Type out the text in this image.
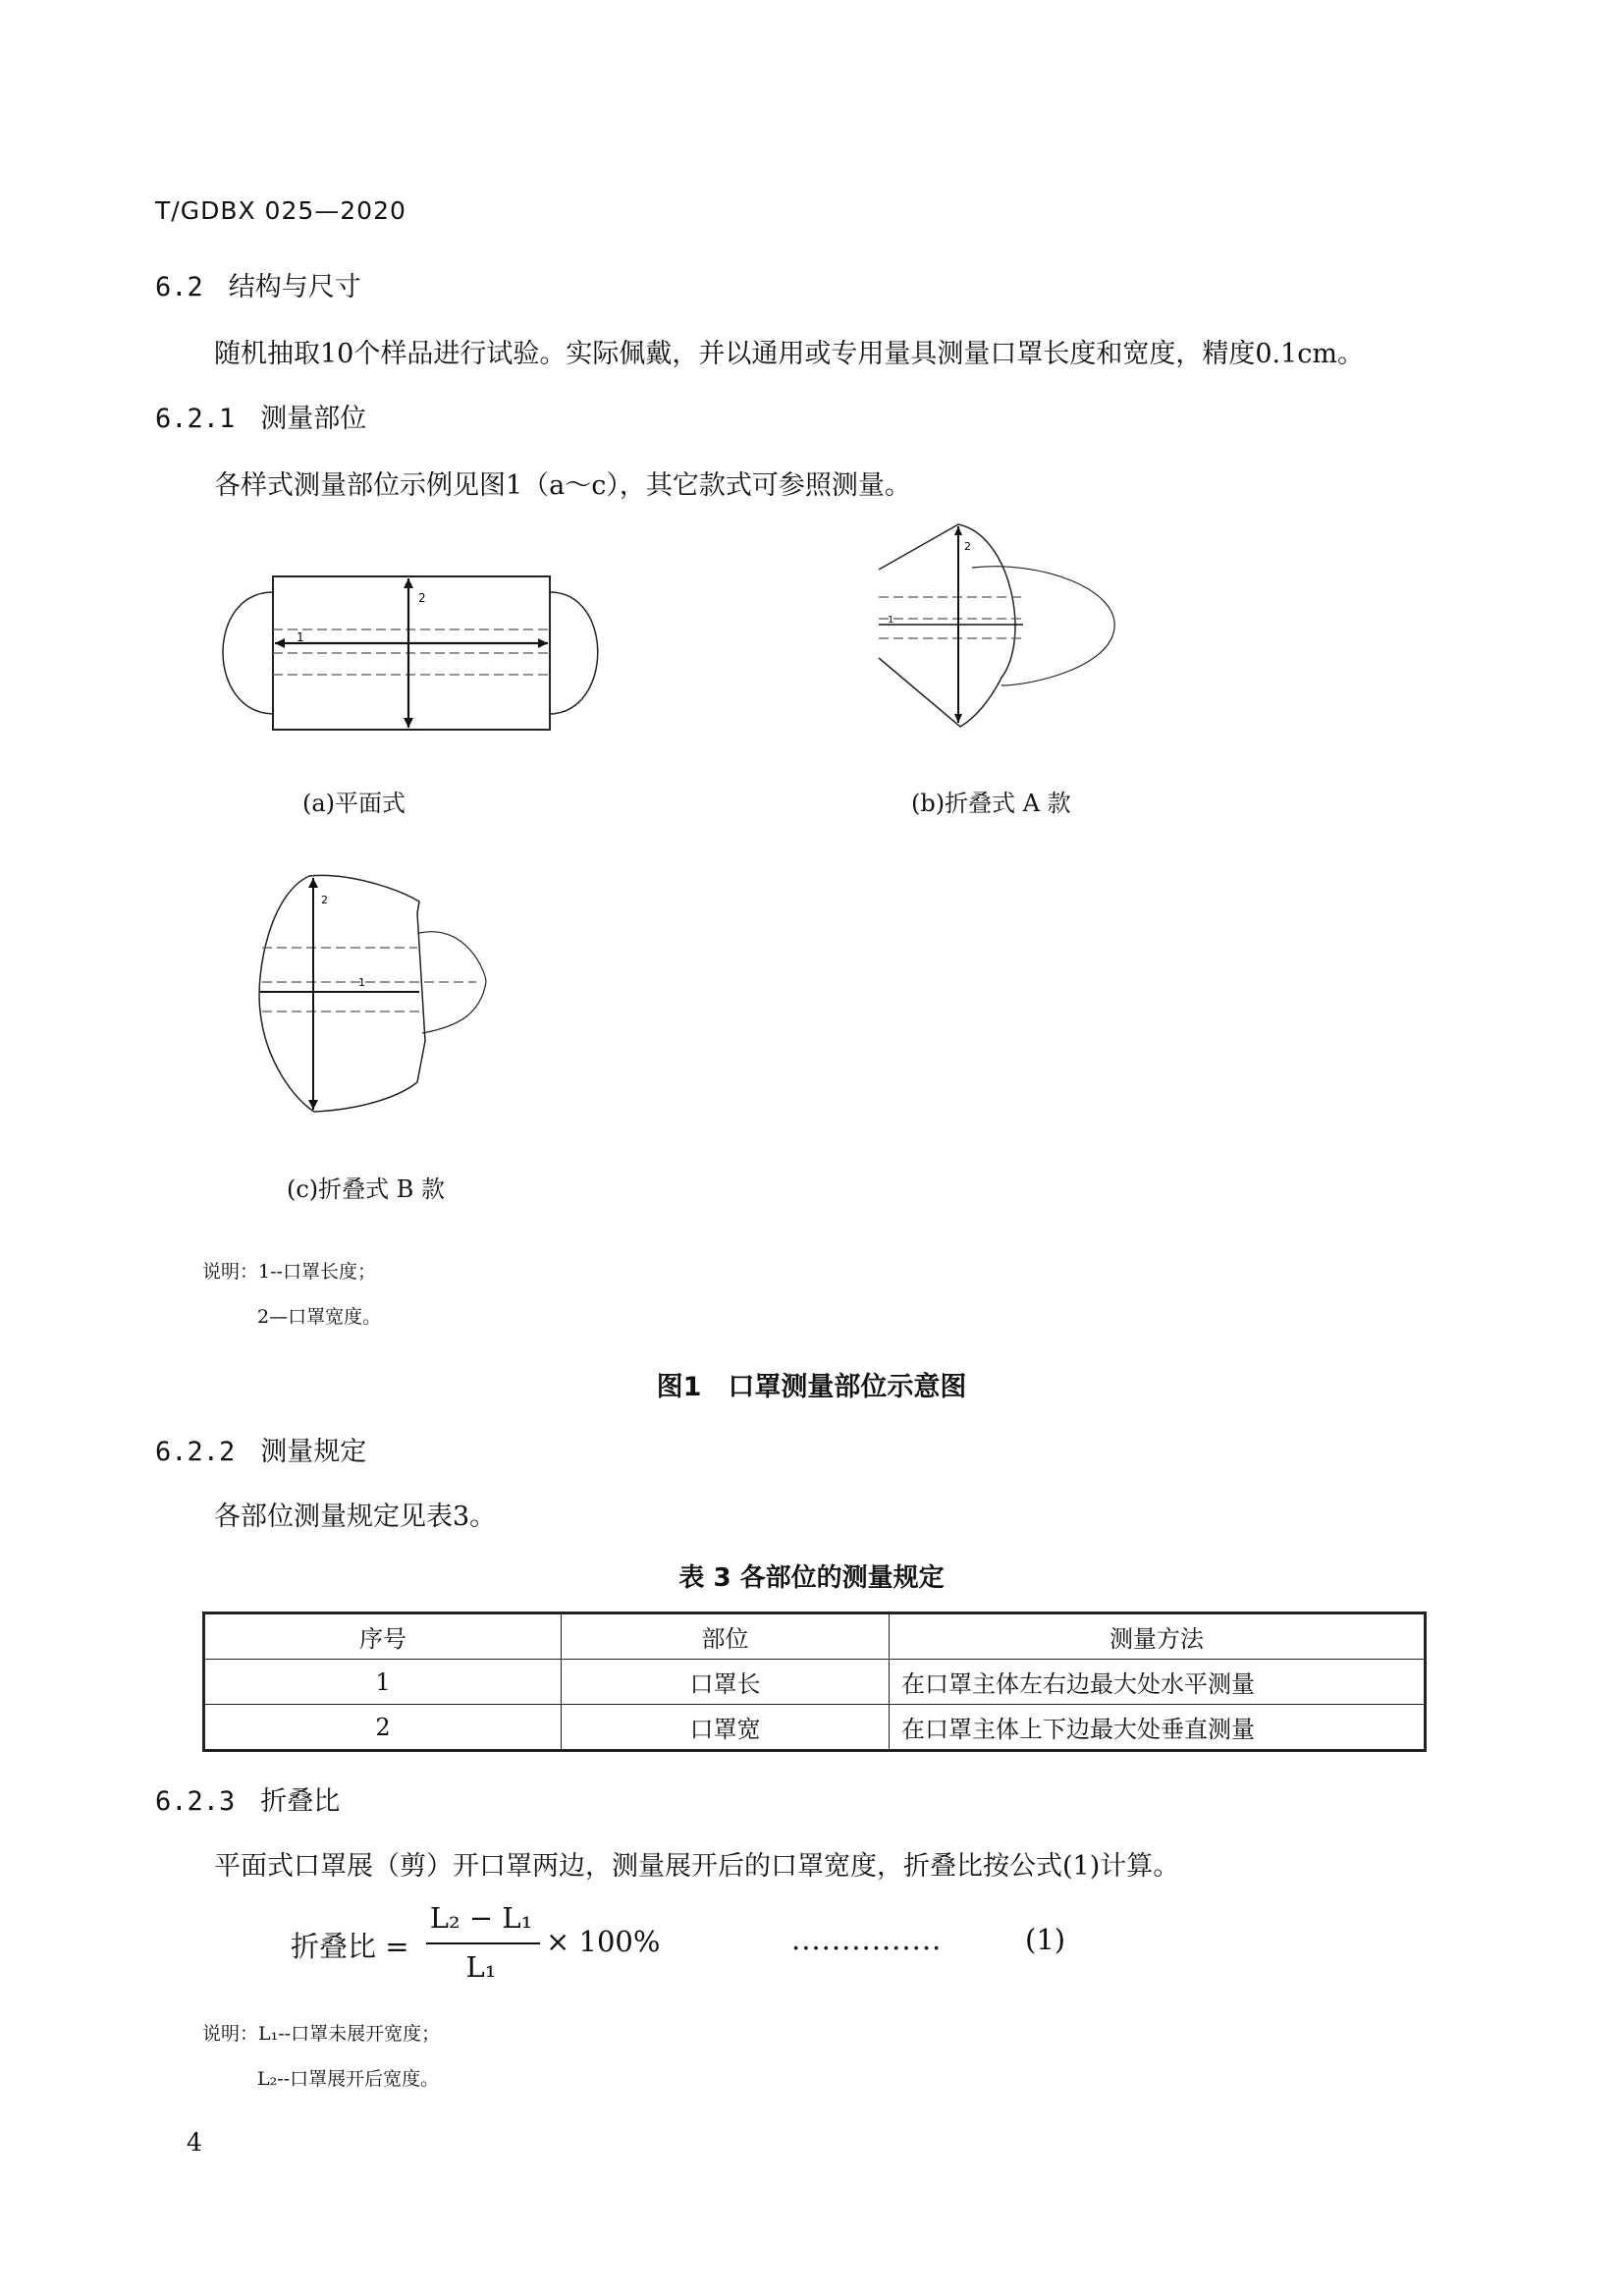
T/GDBX 025—2020
6.2 结构与尺寸
随机抽取10个样品进行试验。实际佩戴，并以通用或专用量具测量口罩长度和宽度，精度0.1cm。
6.2.1 测量部位
各样式测量部位示例见图1（a～c），其它款式可参照测量。
1
2
(a)平面式
1
2
(b)折叠式 A 款
1
2
(c)折叠式 B 款
说明：1--口罩长度；
2—口罩宽度。
图1　口罩测量部位示意图
6.2.2 测量规定
各部位测量规定见表3。
表 3 各部位的测量规定
序号	部位	测量方法
1	口罩长	在口罩主体左右边最大处水平测量
2	口罩宽	在口罩主体上下边最大处垂直测量
6.2.3 折叠比
平面式口罩展（剪）开口罩两边，测量展开后的口罩宽度，折叠比按公式(1)计算。
折叠比 =
L₂ − L₁
L₁
× 100%	...............	(1)
说明：L₁--口罩未展开宽度；
L₂--口罩展开后宽度。
4
